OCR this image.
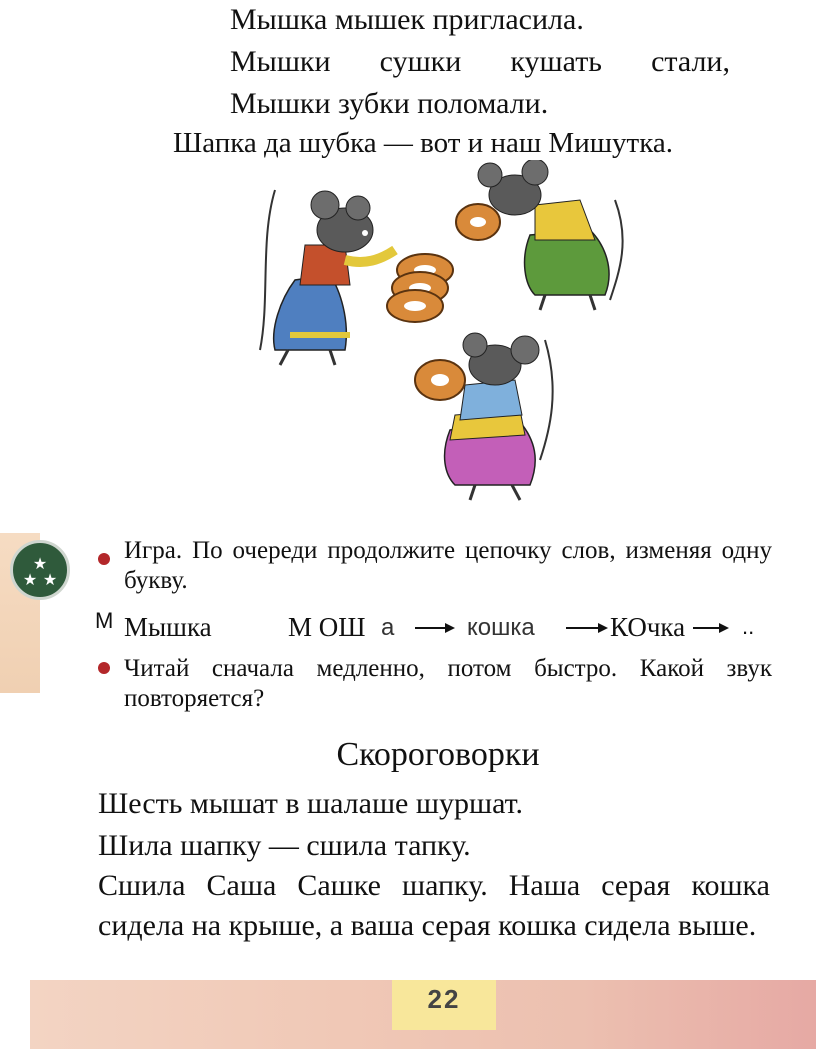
Мышка мышек пригласила.
Мышки сушки кушать стали,
Мышки зубки поломали.
Шапка да шубка — вот и наш Мишутка.
★
★ ★
Игра. По очереди продолжите цепочку слов, изменяя одну букву.
М Мышка	М ОШ а	кошка	КОчка	..
Читай сначала медленно, потом быстро. Какой звук повторяется?
Скороговорки
Шесть мышат в шалаше шуршат.
Шила шапку — сшила тапку.
Сшила Саша Сашке шапку. Наша серая кошка сидела на крыше, а ваша серая кошка сидела выше.
22
